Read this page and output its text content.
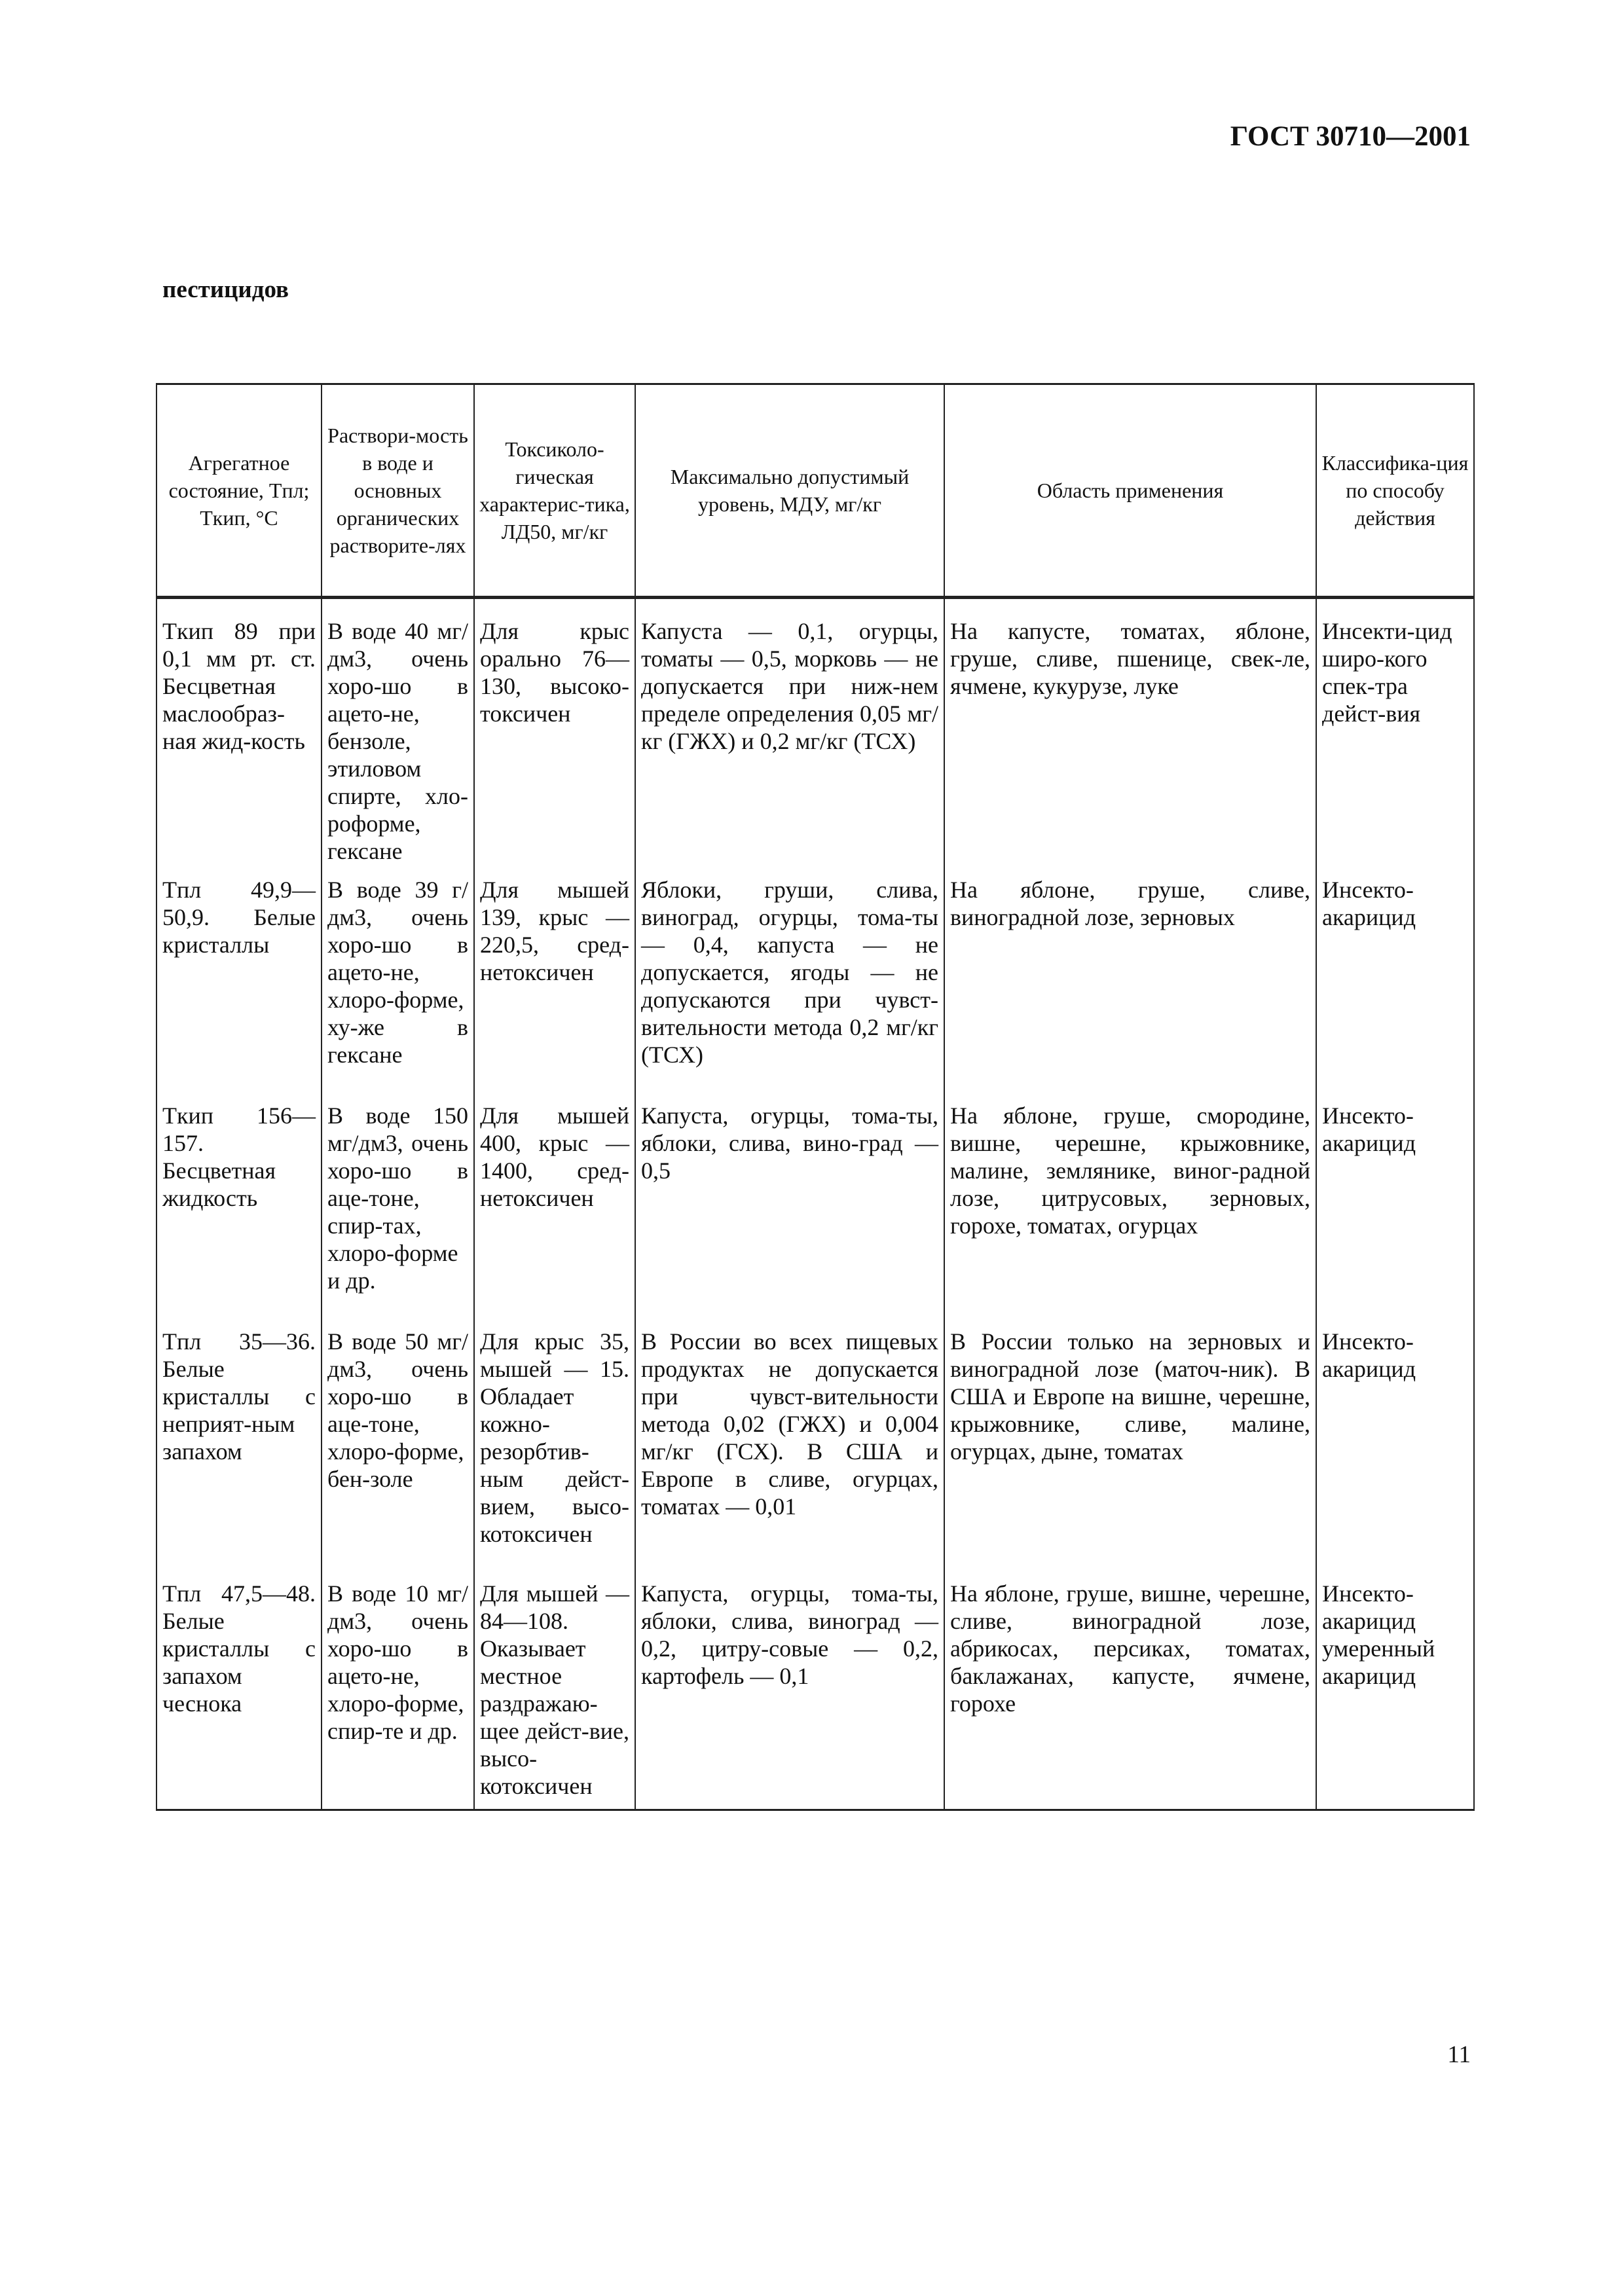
ГОСТ 30710—2001
пестицидов
Агрегатное состояние, Tпл; Tкип, °С	Раствори-мость в воде и основных органических растворите-лях	Токсиколо-гическая характерис-тика, ЛД50, мг/кг	Максимально допустимый уровень, МДУ, мг/кг	Область применения	Классифика-ция по способу действия
Tкип 89 при 0,1 мм рт. ст. Бесцветная маслообраз-ная жид-кость	В воде 40 мг/дм3, очень хоро-шо в ацето-не, бензоле, этиловом спирте, хло-роформе, гексане	Для крыс орально 76—130, высоко-токсичен	Капуста — 0,1, огурцы, томаты — 0,5, морковь — не допускается при ниж-нем пределе определения 0,05 мг/кг (ГЖХ) и 0,2 мг/кг (ТСХ)	На капусте, томатах, яблоне, груше, сливе, пшенице, свек-ле, ячмене, кукурузе, луке	Инсекти-цид широ-кого спек-тра дейст-вия
Tпл 49,9—50,9. Белые кристаллы	В воде 39 г/дм3, очень хоро-шо в ацето-не, хлоро-форме, ху-же в гексане	Для мышей 139, крыс — 220,5, сред-нетоксичен	Яблоки, груши, слива, виноград, огурцы, тома-ты — 0,4, капуста — не допускается, ягоды — не допускаются при чувст-вительности метода 0,2 мг/кг (ТСХ)	На яблоне, груше, сливе, виноградной лозе, зерновых	Инсекто-акарицид
Tкип 156—157. Бесцветная жидкость	В воде 150 мг/дм3, очень хоро-шо в аце-тоне, спир-тах, хлоро-форме и др.	Для мышей 400, крыс — 1400, сред-нетоксичен	Капуста, огурцы, тома-ты, яблоки, слива, вино-град — 0,5	На яблоне, груше, смородине, вишне, черешне, крыжовнике, малине, землянике, виног-радной лозе, цитрусовых, зерновых, горохе, томатах, огурцах	Инсекто-акарицид
Tпл 35—36. Белые кристаллы с неприят-ным запахом	В воде 50 мг/дм3, очень хоро-шо в аце-тоне, хлоро-форме, бен-золе	Для крыс 35, мышей — 15. Обладает кожно-резорбтив-ным дейст-вием, высо-котоксичен	В России во всех пищевых продуктах не допускается при чувст-вительности метода 0,02 (ГЖХ) и 0,004 мг/кг (ГСХ). В США и Европе в сливе, огурцах, томатах — 0,01	В России только на зерновых и виноградной лозе (маточ-ник). В США и Европе на вишне, черешне, крыжовнике, сливе, малине, огурцах, дыне, томатах	Инсекто-акарицид
Tпл 47,5—48. Белые кристаллы с запахом чеснока	В воде 10 мг/дм3, очень хоро-шо в ацето-не, хлоро-форме, спир-те и др.	Для мышей — 84—108. Оказывает местное раздражаю-щее дейст-вие, высо-котоксичен	Капуста, огурцы, тома-ты, яблоки, слива, виноград — 0,2, цитру-совые — 0,2, картофель — 0,1	На яблоне, груше, вишне, черешне, сливе, виноградной лозе, абрикосах, персиках, томатах, баклажанах, капусте, ячмене, горохе	Инсекто-акарицид умеренный акарицид
11
